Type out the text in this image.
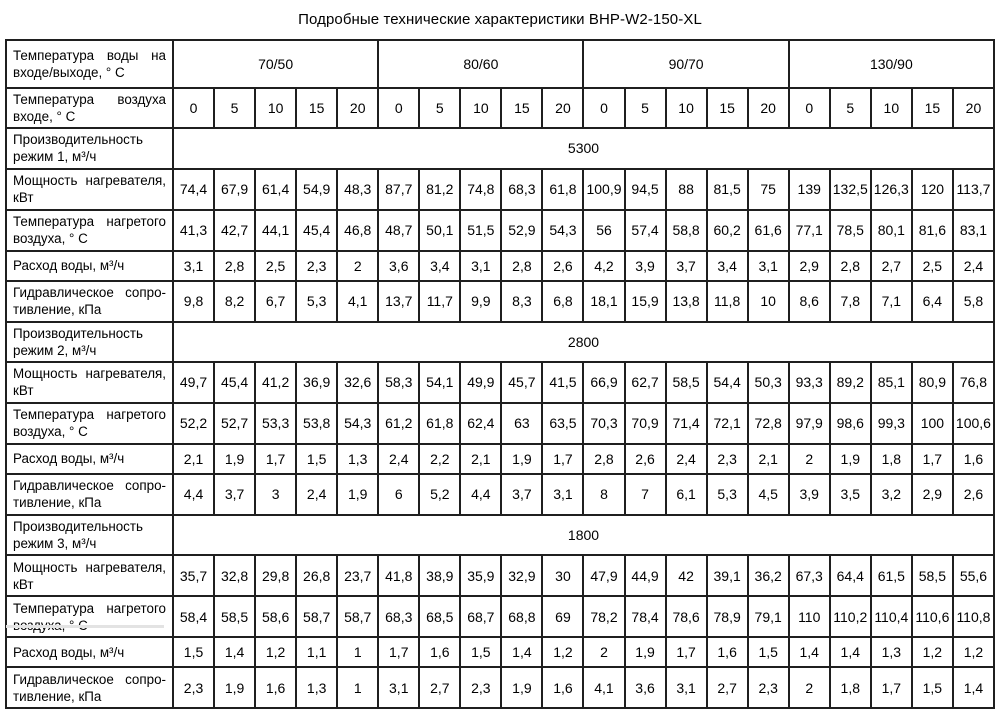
Подробные технические характеристики BHP-W2-150-XL
Температура воды на входе/выходе, ° С	70/50					80/60					90/70					130/90				
Температура воздуха входе, ° С	0	5	10	15	20	0	5	10	15	20	0	5	10	15	20	0	5	10	15	20
Производительность режим 1, м³/ч	5300																			
Мощность нагревателя, кВт	74,4	67,9	61,4	54,9	48,3	87,7	81,2	74,8	68,3	61,8	100,9	94,5	88	81,5	75	139	132,5	126,3	120	113,7
Температура нагретого воздуха, ° С	41,3	42,7	44,1	45,4	46,8	48,7	50,1	51,5	52,9	54,3	56	57,4	58,8	60,2	61,6	77,1	78,5	80,1	81,6	83,1
Расход воды, м³/ч	3,1	2,8	2,5	2,3	2	3,6	3,4	3,1	2,8	2,6	4,2	3,9	3,7	3,4	3,1	2,9	2,8	2,7	2,5	2,4
Гидравлическое сопро-тивление, кПа	9,8	8,2	6,7	5,3	4,1	13,7	11,7	9,9	8,3	6,8	18,1	15,9	13,8	11,8	10	8,6	7,8	7,1	6,4	5,8
Производительность режим 2, м³/ч	2800																			
Мощность нагревателя, кВт	49,7	45,4	41,2	36,9	32,6	58,3	54,1	49,9	45,7	41,5	66,9	62,7	58,5	54,4	50,3	93,3	89,2	85,1	80,9	76,8
Температура нагретого воздуха, ° С	52,2	52,7	53,3	53,8	54,3	61,2	61,8	62,4	63	63,5	70,3	70,9	71,4	72,1	72,8	97,9	98,6	99,3	100	100,6
Расход воды, м³/ч	2,1	1,9	1,7	1,5	1,3	2,4	2,2	2,1	1,9	1,7	2,8	2,6	2,4	2,3	2,1	2	1,9	1,8	1,7	1,6
Гидравлическое сопро-тивление, кПа	4,4	3,7	3	2,4	1,9	6	5,2	4,4	3,7	3,1	8	7	6,1	5,3	4,5	3,9	3,5	3,2	2,9	2,6
Производительность режим 3, м³/ч	1800																			
Мощность нагревателя, кВт	35,7	32,8	29,8	26,8	23,7	41,8	38,9	35,9	32,9	30	47,9	44,9	42	39,1	36,2	67,3	64,4	61,5	58,5	55,6
Температура нагретого	58,4	58,5	58,6	58,7	58,7	68,3	68,5	68,7	68,8	69	78,2	78,4	78,6	78,9	79,1	110	110,2	110,4	110,6	110,8
Расход воды, м³/ч	1,5	1,4	1,2	1,1	1	1,7	1,6	1,5	1,4	1,2	2	1,9	1,7	1,6	1,5	1,4	1,4	1,3	1,2	1,2
Гидравлическое сопро-тивление, кПа	2,3	1,9	1,6	1,3	1	3,1	2,7	2,3	1,9	1,6	4,1	3,6	3,1	2,7	2,3	2	1,8	1,7	1,5	1,4
